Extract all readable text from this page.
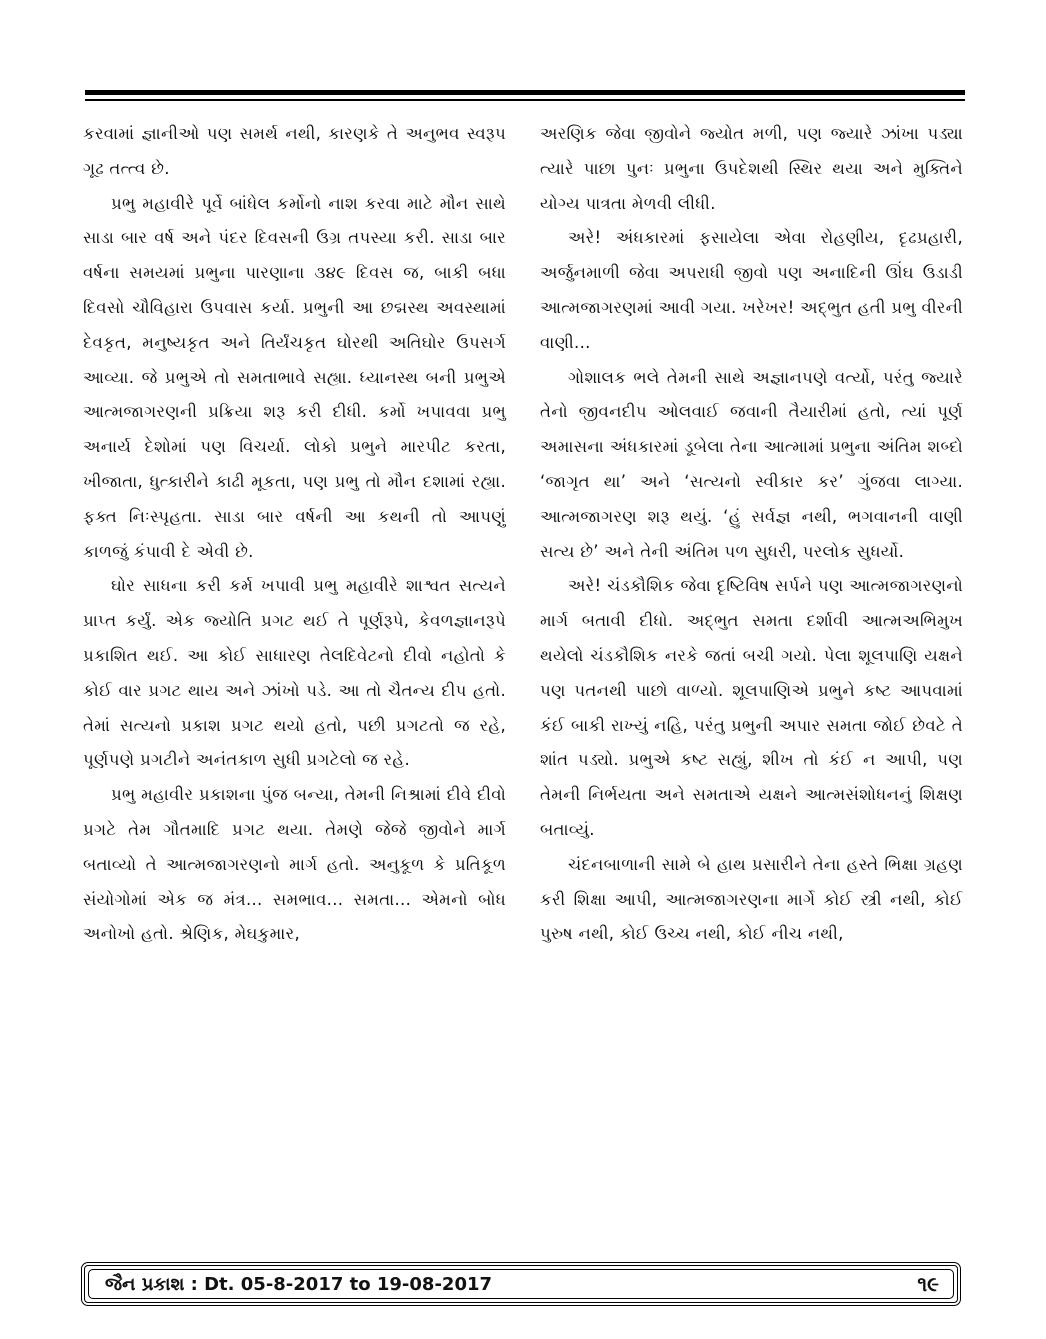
કરવામાં જ્ઞાનીઓ પણ સમર્થ નથી, કારણકે તે અનુભવ સ્વરૂપ ગૂઢ તત્ત્વ છે.

પ્રભુ મહાવીરે પૂર્વે બાંધેલ કર્મોનો નાશ કરવા માટે મૌન સાથે સાડા બાર વર્ષ અને પંદર દિવસની ઉગ્ર તપસ્યા કરી. સાડા બાર વર્ષના સમયમાં પ્રભુના પારણાના ૩૪૯ દિવસ જ, બાકી બધા દિવસો ચૌવિહારા ઉપવાસ કર્યા. પ્રભુની આ છદ્મસ્થ અવસ્થામાં દેવકૃત, મનુષ્યકૃત અને તિર્યંચકૃત ઘોરથી અતિઘોર ઉપસર્ગ આવ્યા. જે પ્રભુએ તો સમતાભાવે સહ્યા. ધ્યાનસ્થ બની પ્રભુએ આત્મજાગરણની પ્રક્રિયા શરૂ કરી દીધી. કર્મો ખપાવવા પ્રભુ અનાર્ય દેશોમાં પણ વિચર્યા. લોકો પ્રભુને મારપીટ કરતા, ખીજાતા, ધુત્કારીને કાઢી મૂકતા, પણ પ્રભુ તો મૌન દશામાં રહ્યા. ફક્ત નિઃસ્પૃહતા. સાડા બાર વર્ષની આ કથની તો આપણું કાળજું કંપાવી દે એવી છે.

ઘોર સાધના કરી કર્મ ખપાવી પ્રભુ મહાવીરે શાશ્વત સત્યને પ્રાપ્ત કર્યું. એક જ્યોતિ પ્રગટ થઈ તે પૂર્ણરૂપે, કેવળજ્ઞાનરૂપે પ્રકાશિત થઈ. આ કોઈ સાધારણ તેલદિવેટનો દીવો નહોતો કે કોઈ વાર પ્રગટ થાય અને ઝાંખો પડે. આ તો ચૈતન્ય દીપ હતો. તેમાં સત્યનો પ્રકાશ પ્રગટ થયો હતો, પછી પ્રગટતો જ રહે, પૂર્ણપણે પ્રગટીને અનંતકાળ સુધી પ્રગટેલો જ રહે.

પ્રભુ મહાવીર પ્રકાશના પુંજ બન્યા, તેમની નિશ્રામાં દીવે દીવો પ્રગટે તેમ ગૌતમાદિ પ્રગટ થયા. તેમણે જેજે જીવોને માર્ગ બતાવ્યો તે આત્મજાગરણનો માર્ગ હતો. અનુકૂળ કે પ્રતિકૂળ સંયોગોમાં એક જ મંત્ર... સમભાવ... સમતા... એમનો બોધ અનોખો હતો. શ્રેણિક, મેઘકુમાર,

અરણિક જેવા જીવોને જ્યોત મળી, પણ જ્યારે ઝાંખા પડ્યા ત્યારે પાછા પુનઃ પ્રભુના ઉપદેશથી સ્થિર થયા અને મુક્તિને યોગ્ય પાત્રતા મેળવી લીધી.

અરે! અંધકારમાં ફસાયેલા એવા રોહણીય, દૃઢપ્રહારી, અર્જુનમાળી જેવા અપરાધી જીવો પણ અનાદિની ઊંઘ ઉડાડી આત્મજાગરણમાં આવી ગયા. ખરેખર! અદ્ભુત હતી પ્રભુ વીરની વાણી...

ગોશાલક ભલે તેમની સાથે અજ્ઞાનપણે વર્ત્યો, પરંતુ જ્યારે તેનો જીવનદીપ ઓલવાઈ જવાની તૈયારીમાં હતો, ત્યાં પૂર્ણ અમાસના અંધકારમાં ડૂબેલા તેના આત્મામાં પ્રભુના અંતિમ શબ્દો ‘જાગૃત થા’ અને ‘સત્યનો સ્વીકાર કર’ ગુંજવા લાગ્યા. આત્મજાગરણ શરૂ થયું. ‘હું સર્વજ્ઞ નથી, ભગવાનની વાણી સત્ય છે’ અને તેની અંતિમ પળ સુધરી, પરલોક સુધર્યો.

અરે! ચંડકૌશિક જેવા દૃષ્ટિવિષ સર્પને પણ આત્મજાગરણનો માર્ગ બતાવી દીધો. અદ્ભુત સમતા દર્શાવી આત્મઅભિમુખ થયેલો ચંડકૌશિક નરકે જતાં બચી ગયો. પેલા શૂલપાણિ યક્ષને પણ પતનથી પાછો વાળ્યો. શૂલપાણિએ પ્રભુને કષ્ટ આપવામાં કંઈ બાકી રાખ્યું નહિ, પરંતુ પ્રભુની અપાર સમતા જોઈ છેવટે તે શાંત પડ્યો. પ્રભુએ કષ્ટ સહ્યું, શીખ તો કંઈ ન આપી, પણ તેમની નિર્ભયતા અને સમતાએ યક્ષને આત્મસંશોધનનું શિક્ષણ બતાવ્યું.

ચંદનબાળાની સામે બે હાથ પ્રસારીને તેના હસ્તે ભિક્ષા ગ્રહણ કરી શિક્ષા આપી, આત્મજાગરણના માર્ગે કોઈ સ્ત્રી નથી, કોઈ પુરુષ નથી, કોઈ ઉચ્ચ નથી, કોઈ નીચ નથી,

જૈન પ્રકાશ : Dt. 05-8-2017 to 19-08-2017	૧૯
